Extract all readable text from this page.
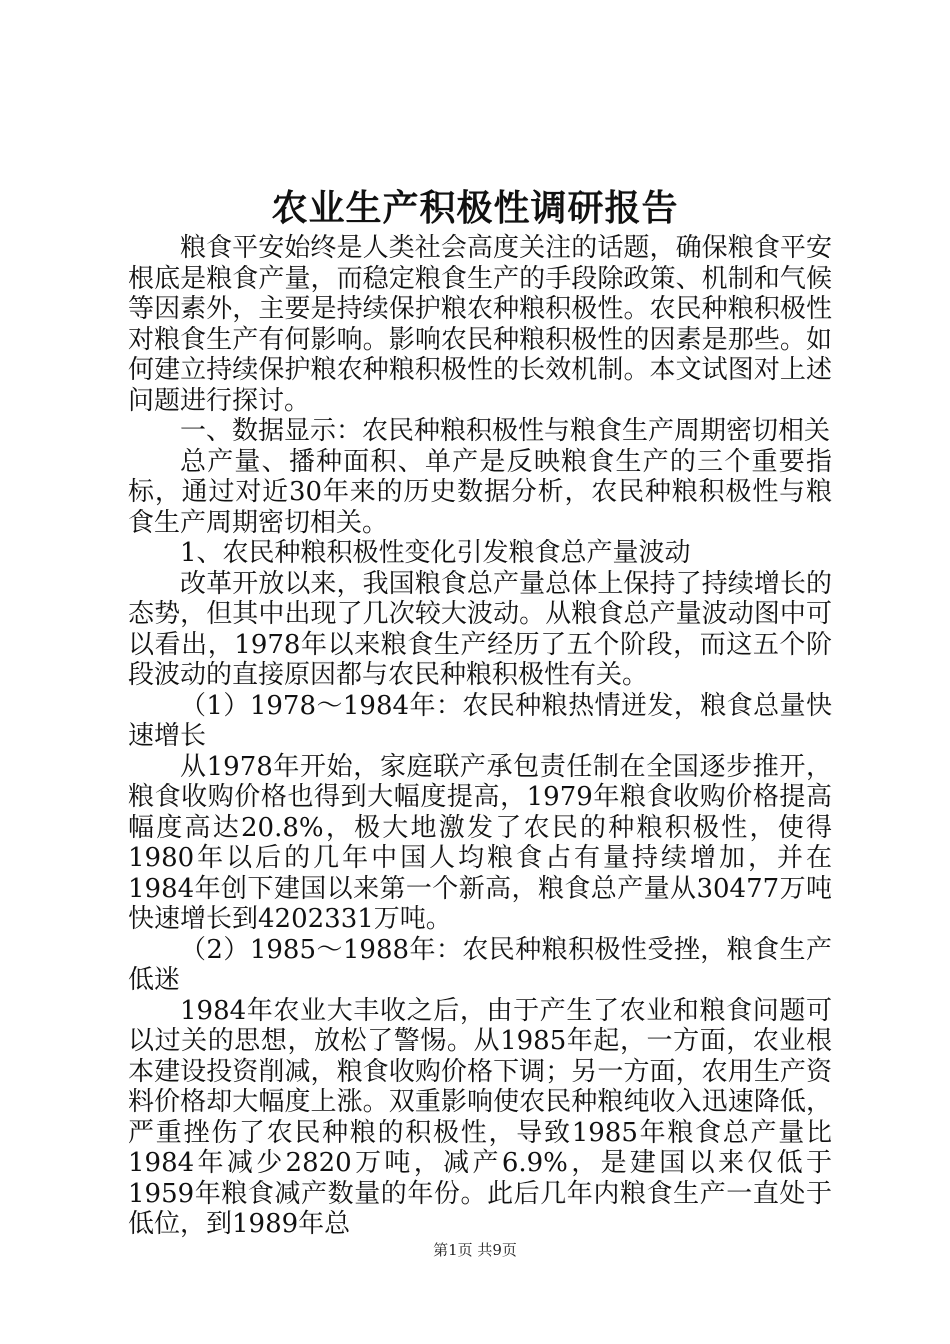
农业生产积极性调研报告

粮食平安始终是人类社会高度关注的话题，确保粮食平安根底是粮食产量，而稳定粮食生产的手段除政策、机制和气候等因素外，主要是持续保护粮农种粮积极性。农民种粮积极性对粮食生产有何影响。影响农民种粮积极性的因素是那些。如何建立持续保护粮农种粮积极性的长效机制。本文试图对上述问题进行探讨。

一、数据显示：农民种粮积极性与粮食生产周期密切相关

总产量、播种面积、单产是反映粮食生产的三个重要指标，通过对近30年来的历史数据分析，农民种粮积极性与粮食生产周期密切相关。

1、农民种粮积极性变化引发粮食总产量波动

改革开放以来，我国粮食总产量总体上保持了持续增长的态势，但其中出现了几次较大波动。从粮食总产量波动图中可以看出，1978年以来粮食生产经历了五个阶段，而这五个阶段波动的直接原因都与农民种粮积极性有关。

（1）1978～1984年：农民种粮热情迸发，粮食总量快速增长

从1978年开始，家庭联产承包责任制在全国逐步推开，粮食收购价格也得到大幅度提高，1979年粮食收购价格提高幅度高达20.8%，极大地激发了农民的种粮积极性，使得1980年以后的几年中国人均粮食占有量持续增加，并在1984年创下建国以来第一个新高，粮食总产量从30477万吨快速增长到4202331万吨。

（2）1985～1988年：农民种粮积极性受挫，粮食生产低迷

1984年农业大丰收之后，由于产生了农业和粮食问题可以过关的思想，放松了警惕。从1985年起，一方面，农业根本建设投资削减，粮食收购价格下调；另一方面，农用生产资料价格却大幅度上涨。双重影响使农民种粮纯收入迅速降低，严重挫伤了农民种粮的积极性，导致1985年粮食总产量比1984年减少2820万吨，减产6.9%，是建国以来仅低于1959年粮食减产数量的年份。此后几年内粮食生产一直处于低位，到1989年总

第1页 共9页
